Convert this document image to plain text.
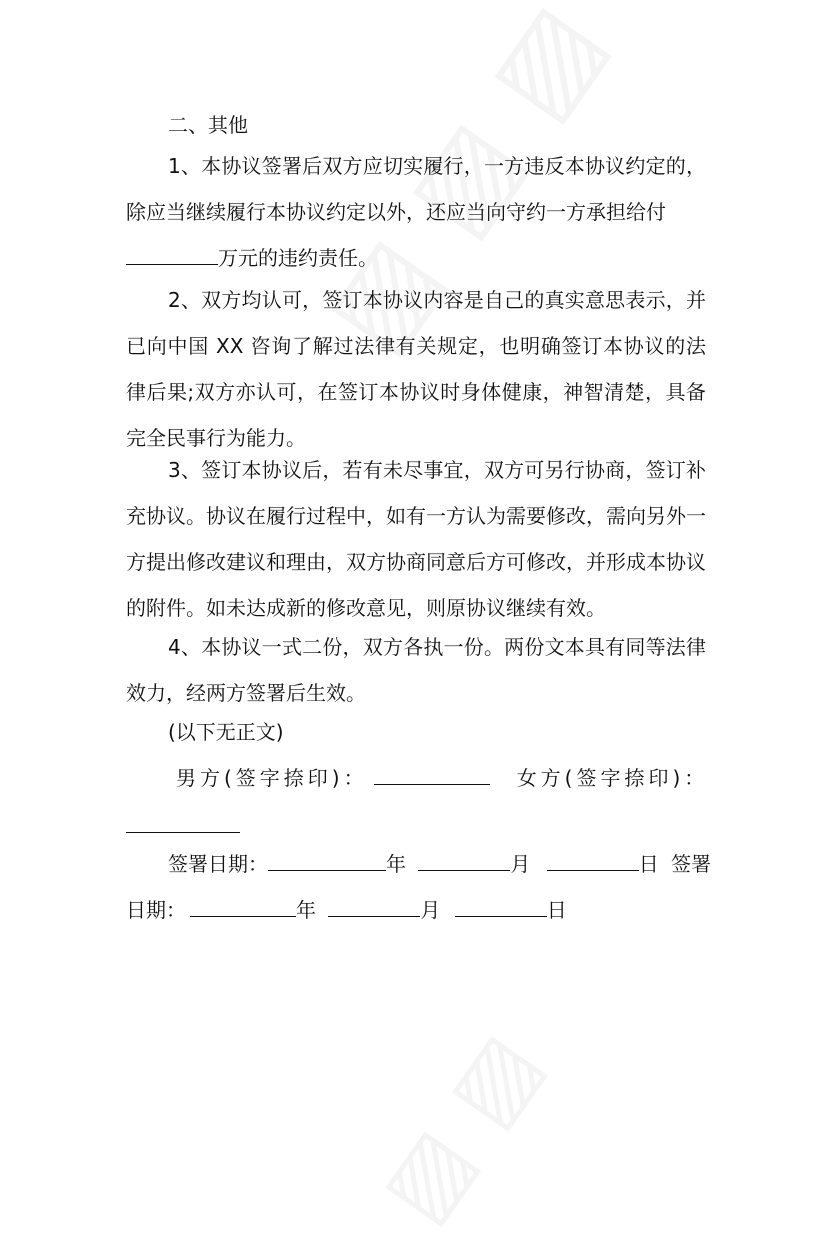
二、其他
1、本协议签署后双方应切实履行，一方违反本协议约定的，除应当继续履行本协议约定以外，还应当向守约一方承担给付
万元的违约责任。
2、双方均认可，签订本协议内容是自己的真实意思表示，并已向中国 XX 咨询了解过法律有关规定，也明确签订本协议的法律后果;双方亦认可，在签订本协议时身体健康，神智清楚，具备完全民事行为能力。
3、签订本协议后，若有未尽事宜，双方可另行协商，签订补充协议。协议在履行过程中，如有一方认为需要修改，需向另外一方提出修改建议和理由，双方协商同意后方可修改，并形成本协议的附件。如未达成新的修改意见，则原协议继续有效。
4、本协议一式二份，双方各执一份。两份文本具有同等法律效力，经两方签署后生效。
(以下无正文)
男方(签字捺印)：	女方(签字捺印)：
签署日期：	年	月	日 签署
日期：	年	月	日
